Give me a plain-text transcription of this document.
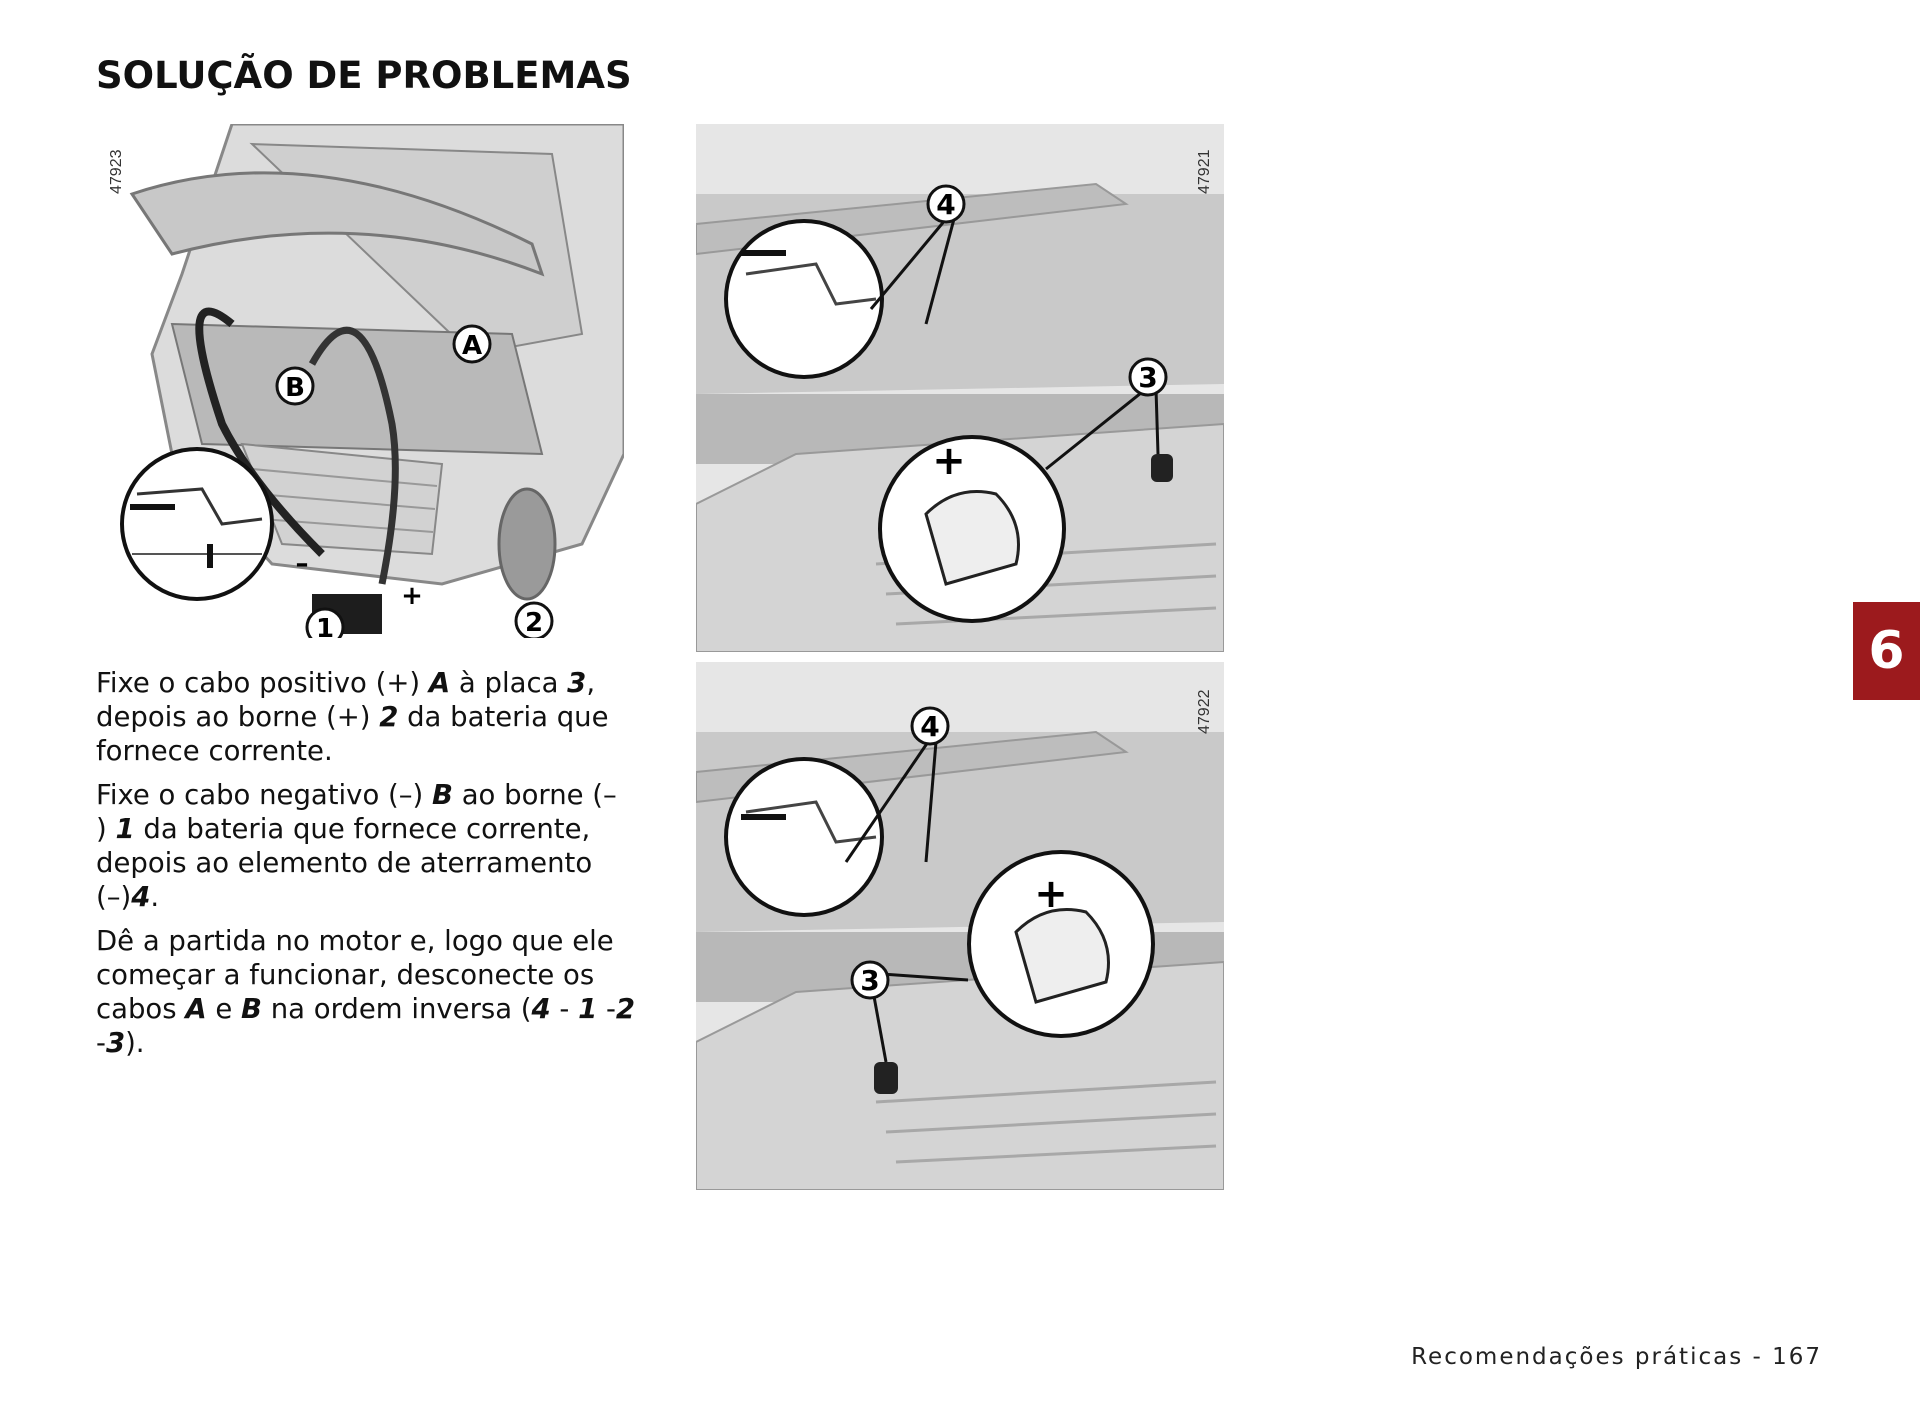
SOLUÇÃO DE PROBLEMAS
A
B
1	2
–
+
47923
4
3
+
47921
4
3
+
47922

Fixe o cabo positivo (+) A à placa 3, depois ao borne (+) 2 da bateria que fornece corrente.

Fixe o cabo negativo (–) B ao borne (– ) 1 da bateria que fornece corrente, depois ao elemento de aterramento (–)4.

Dê a partida no motor e, logo que ele começar a funcionar, desconecte os cabos A e B na ordem inversa (4 - 1 -2 -3).

6
Recomendações práticas - 167
